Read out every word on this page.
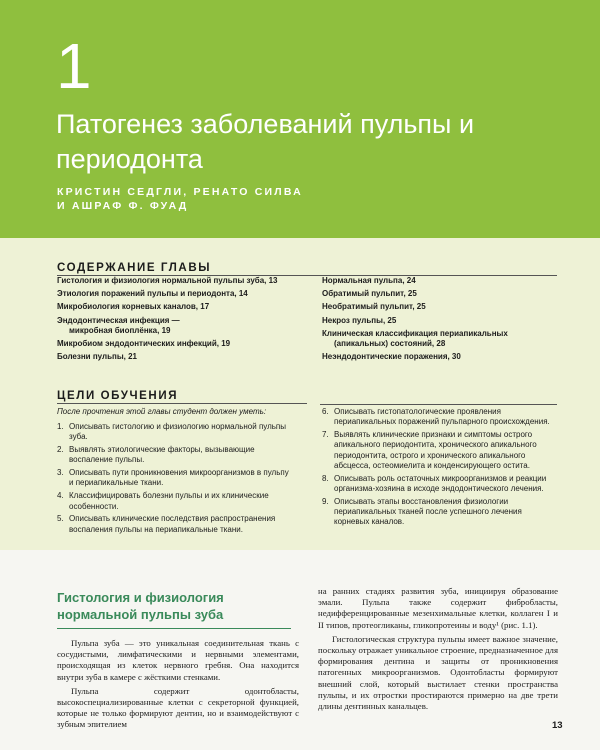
1
Патогенез заболеваний пульпы и периодонта
КРИСТИН СЕДГЛИ, РЕНАТО СИЛВА
И АШРАФ Ф. ФУАД
СОДЕРЖАНИЕ ГЛАВЫ
Гистология и физиология нормальной пульпы зуба, 13
Этиология поражений пульпы и периодонта, 14
Микробиология корневых каналов, 17
Эндодонтическая инфекция —
микробная биоплёнка, 19
Микробиом эндодонтических инфекций, 19
Болезни пульпы, 21
Нормальная пульпа, 24
Обратимый пульпит, 25
Необратимый пульпит, 25
Некроз пульпы, 25
Клиническая классификация периапикальных
(апикальных) состояний, 28
Неэндодонтические поражения, 30
ЦЕЛИ ОБУЧЕНИЯ
После прочтения этой главы студент должен уметь:
1. Описывать гистологию и физиологию нормальной пульпы зуба.
2. Выявлять этиологические факторы, вызывающие воспаление пульпы.
3. Описывать пути проникновения микроорганизмов в пульпу и периапикальные ткани.
4. Классифицировать болезни пульпы и их клинические особенности.
5. Описывать клинические последствия распространения воспаления пульпы на периапикальные ткани.
6. Описывать гистопатологические проявления периапикальных поражений пульпарного происхождения.
7. Выявлять клинические признаки и симптомы острого апикального периодонтита, хронического апикального периодонтита, острого и хронического апикального абсцесса, остеомиелита и конденсирующего остита.
8. Описывать роль остаточных микроорганизмов и реакции организма-хозяина в исходе эндодонтического лечения.
9. Описывать этапы восстановления физиологии периапикальных тканей после успешного лечения корневых каналов.
Гистология и физиология нормальной пульпы зуба

Пульпа зуба — это уникальная соединительная ткань с сосудистыми, лимфатическими и нервными элементами, происходящая из клеток нервного гребня. Она находится внутри зуба в камере с жёсткими стенками.

Пульпа содержит одонтобласты, высокоспециализированные клетки с секреторной функцией, которые не только формируют дентин, но и взаимодействуют с зубным эпителием

на ранних стадиях развития зуба, инициируя образование эмали. Пульпа также содержит фибробласты, недифференцированные мезенхимальные клетки, коллаген I и II типов, протеогликаны, гликопротеины и воду¹ (рис. 1.1).

Гистологическая структура пульпы имеет важное значение, поскольку отражает уникальное строение, предназначенное для формирования дентина и защиты от проникновения патогенных микроорганизмов. Одонтобласты формируют внешний слой, который выстилает стенки пространства пульпы, и их отростки простираются примерно на две трети длины дентинных канальцев.

13
